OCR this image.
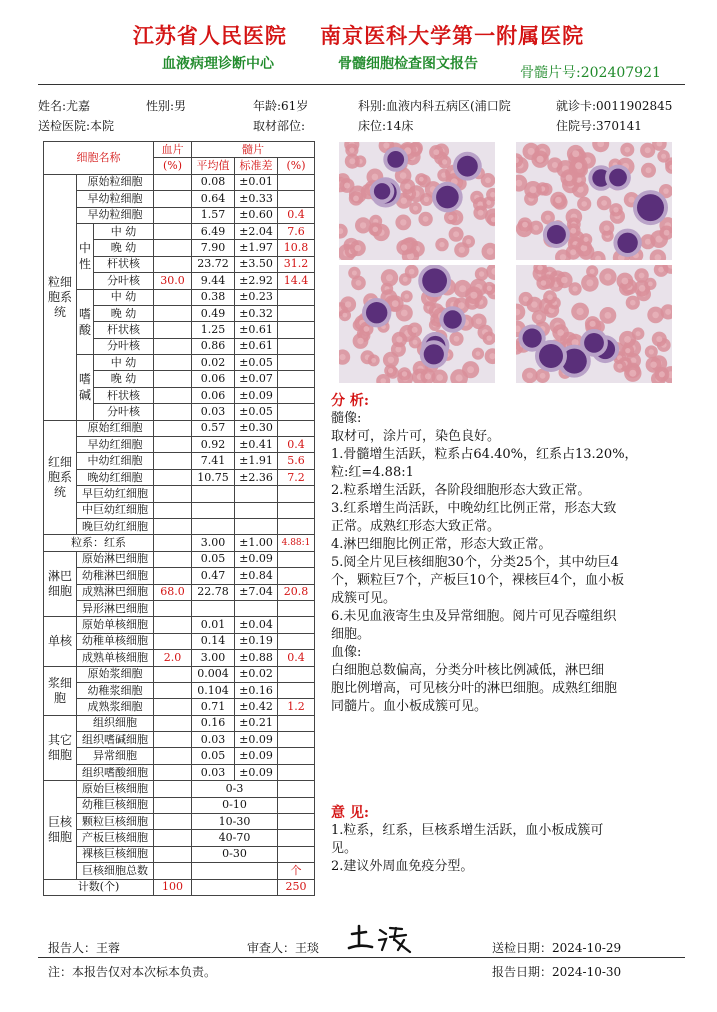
江苏省人民医院    南京医科大学第一附属医院
血液病理诊断中心	骨髓细胞检查图文报告
骨髓片号:202407921
姓名:尤嘉	性别:男	年龄:61岁	科别:血液内科五病区(浦口院	就诊卡:0011902845
送检医院:本院	取材部位:	床位:14床	住院号:370141
细胞名称			血片	髓片		
			(%)	平均值	标准差	(%)
粒细胞系统	原始粒细胞			0.08	±0.01	
	早幼粒细胞			0.64	±0.33	
	早幼粒细胞			1.57	±0.60	0.4
	中性	中 幼		6.49	±2.04	7.6
		晚 幼		7.90	±1.97	10.8
		杆状核		23.72	±3.50	31.2
		分叶核	30.0	9.44	±2.92	14.4
	嗜酸	中 幼		0.38	±0.23	
		晚 幼		0.49	±0.32	
		杆状核		1.25	±0.61	
		分叶核		0.86	±0.61	
	嗜碱	中 幼		0.02	±0.05	
		晚 幼		0.06	±0.07	
		杆状核		0.06	±0.09	
		分叶核		0.03	±0.05	
红细胞系统	原始红细胞			0.57	±0.30	
	早幼红细胞			0.92	±0.41	0.4
	中幼红细胞			7.41	±1.91	5.6
	晚幼红细胞			10.75	±2.36	7.2
	早巨幼红细胞					
	中巨幼红细胞					
	晚巨幼红细胞					
粒系：红系				3.00	±1.00	4.88:1
淋巴细胞	原始淋巴细胞			0.05	±0.09	
	幼稚淋巴细胞			0.47	±0.84	
	成熟淋巴细胞		68.0	22.78	±7.04	20.8
	异形淋巴细胞					
单核	原始单核细胞			0.01	±0.04	
	幼稚单核细胞			0.14	±0.19	
	成熟单核细胞		2.0	3.00	±0.88	0.4
浆细胞	原始浆细胞			0.004	±0.02	
	幼稚浆细胞			0.104	±0.16	
	成熟浆细胞			0.71	±0.42	1.2
其它细胞	组织细胞			0.16	±0.21	
	组织嗜碱细胞			0.03	±0.09	
	异常细胞			0.05	±0.09	
	组织嗜酸细胞			0.03	±0.09	
巨核细胞	原始巨核细胞			0-3		
	幼稚巨核细胞			0-10		
	颗粒巨核细胞			10-30		
	产板巨核细胞			40-70		
	裸核巨核细胞			0-30		
	巨核细胞总数					个
计数(个)			100			250
分 析:
髓像:
取材可，涂片可，染色良好。
1.骨髓增生活跃，粒系占64.40%，红系占13.20%，
粒:红=4.88:1
2.粒系增生活跃，各阶段细胞形态大致正常。
3.红系增生尚活跃，中晚幼红比例正常，形态大致
正常。成熟红形态大致正常。
4.淋巴细胞比例正常，形态大致正常。
5.阅全片见巨核细胞30个，分类25个，其中幼巨4
个，颗粒巨7个，产板巨10个，裸核巨4个，血小板
成簇可见。
6.未见血液寄生虫及异常细胞。阅片可见吞噬组织
细胞。
血像:
白细胞总数偏高，分类分叶核比例减低，淋巴细
胞比例增高，可见核分叶的淋巴细胞。成熟红细胞
同髓片。血小板成簇可见。
意 见:
1.粒系，红系，巨核系增生活跃，血小板成簇可
见。
2.建议外周血免疫分型。
报告人：王蓉	审查人：王琰	送检日期：2024-10-29
注：本报告仅对本次标本负责。	报告日期：2024-10-30
